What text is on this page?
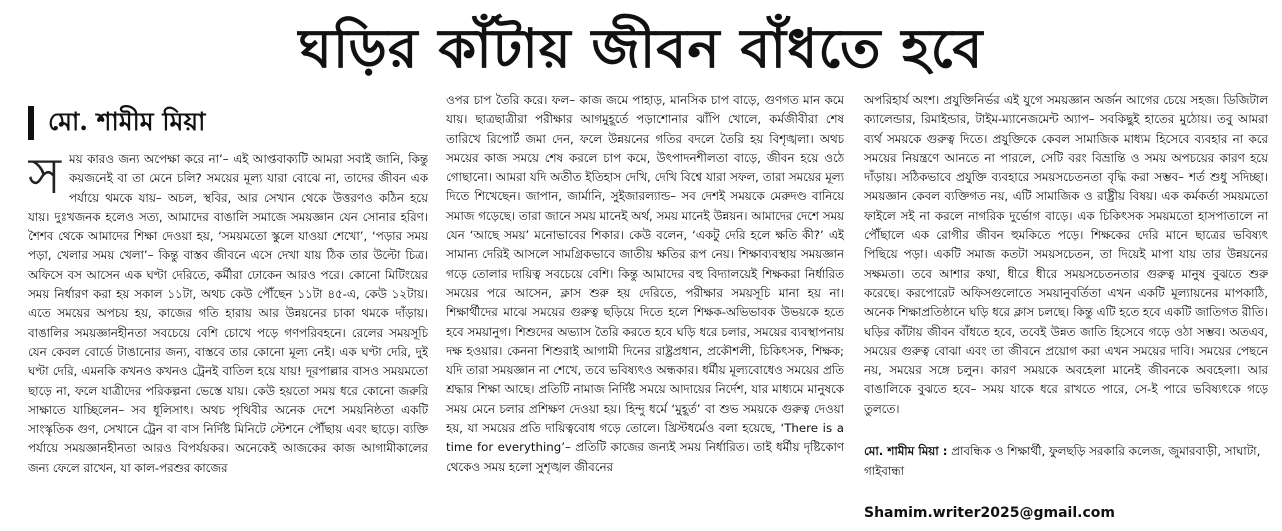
ঘড়ির কাঁটায় জীবন বাঁধতে হবে
মো. শামীম মিয়া
স ময় কারও জন্য অপেক্ষা করে না’– এই আপ্তবাক্যটি আমরা সবাই জানি, কিন্তু কয়জনেই বা তা মেনে চলি? সময়ের মূল্য যারা বোঝে না, তাদের জীবন এক পর্যায়ে থমকে যায়– অচল, স্থবির, আর সেখান থেকে উত্তরণও কঠিন হয়ে যায়। দুঃখজনক হলেও সত্য, আমাদের বাঙালি সমাজে সময়জ্ঞান যেন সোনার হরিণ। শৈশব থেকে আমাদের শিক্ষা দেওয়া হয়, ‘সময়মতো স্কুলে যাওয়া শেখো’, ‘পড়ার সময় পড়া, খেলার সময় খেলা’– কিন্তু বাস্তব জীবনে এসে দেখা যায় ঠিক তার উল্টো চিত্র। অফিসে বস আসেন এক ঘণ্টা দেরিতে, কর্মীরা ঢোকেন আরও পরে। কোনো মিটিংয়ের সময় নির্ধারণ করা হয় সকাল ১১টা, অথচ কেউ পৌঁছেন ১১টা ৪৫-এ, কেউ ১২টায়। এতে সময়ের অপচয় হয়, কাজের গতি হারায় আর উন্নয়নের চাকা থমকে দাঁড়ায়। বাঙালির সময়জ্ঞানহীনতা সবচেয়ে বেশি চোখে পড়ে গণপরিবহনে। রেলের সময়সূচি যেন কেবল বোর্ডে টাঙানোর জন্য, বাস্তবে তার কোনো মূল্য নেই। এক ঘণ্টা দেরি, দুই ঘণ্টা দেরি, এমনকি কখনও কখনও ট্রেনই বাতিল হয়ে যায়! দূরপাল্লার বাসও সময়মতো ছাড়ে না, ফলে যাত্রীদের পরিকল্পনা ভেস্তে যায়। কেউ হয়তো সময় ধরে কোনো জরুরি সাক্ষাতে যাচ্ছিলেন– সব ধূলিসাৎ। অথচ পৃথিবীর অনেক দেশে সময়নিষ্ঠতা একটি সাংস্কৃতিক গুণ, সেখানে ট্রেন বা বাস নির্দিষ্ট মিনিটে স্টেশনে পৌঁছায় এবং ছাড়ে। ব্যক্তি পর্যায়ে সময়জ্ঞানহীনতা আরও বিপর্যয়কর। অনেকেই আজকের কাজ আগামীকালের জন্য ফেলে রাখেন, যা কাল-পরশুর কাজের

ওপর চাপ তৈরি করে। ফল– কাজ জমে পাহাড়, মানসিক চাপ বাড়ে, গুণগত মান কমে যায়। ছাত্রছাত্রীরা পরীক্ষার আগমুহূর্তে পড়াশোনার ঝাঁপি খোলে, কর্মজীবীরা শেষ তারিখে রিপোর্ট জমা দেন, ফলে উন্নয়নের গতির বদলে তৈরি হয় বিশৃঙ্খলা। অথচ সময়ের কাজ সময়ে শেষ করলে চাপ কমে, উৎপাদনশীলতা বাড়ে, জীবন হয়ে ওঠে গোছানো। আমরা যদি অতীত ইতিহাস দেখি, দেখি বিশ্বে যারা সফল, তারা সময়ের মূল্য দিতে শিখেছেন। জাপান, জার্মানি, সুইজারল্যান্ড– সব দেশই সময়কে মেরুদণ্ড বানিয়ে সমাজ গড়েছে। তারা জানে সময় মানেই অর্থ, সময় মানেই উন্নয়ন। আমাদের দেশে সময় যেন ‘আছে সময়’ মনোভাবের শিকার। কেউ বলেন, ‘একটু দেরি হলে ক্ষতি কী?’ এই সামান্য দেরিই আসলে সামগ্রিকভাবে জাতীয় ক্ষতির রূপ নেয়। শিক্ষাব্যবস্থায় সময়জ্ঞান গড়ে তোলার দায়িত্ব সবচেয়ে বেশি। কিন্তু আমাদের বহু বিদ্যালয়েই শিক্ষকরা নির্ধারিত সময়ের পরে আসেন, ক্লাস শুরু হয় দেরিতে, পরীক্ষার সময়সূচি মানা হয় না। শিক্ষার্থীদের মাঝে সময়ের গুরুত্ব ছড়িয়ে দিতে হলে শিক্ষক-অভিভাবক উভয়কে হতে হবে সময়ানুগ। শিশুদের অভ্যাস তৈরি করতে হবে ঘড়ি ধরে চলার, সময়ের ব্যবস্থাপনায় দক্ষ হওয়ার। কেননা শিশুরাই আগামী দিনের রাষ্ট্রপ্রধান, প্রকৌশলী, চিকিৎসক, শিক্ষক; যদি তারা সময়জ্ঞান না শেখে, তবে ভবিষ্যৎও অন্ধকার। ধর্মীয় মূল্যবোধেও সময়ের প্রতি শ্রদ্ধার শিক্ষা আছে। প্রতিটি নামাজ নির্দিষ্ট সময়ে আদায়ের নির্দেশ, যার মাধ্যমে মানুষকে সময় মেনে চলার প্রশিক্ষণ দেওয়া হয়। হিন্দু ধর্মে ‘মুহূর্ত’ বা শুভ সময়কে গুরুত্ব দেওয়া হয়, যা সময়ের প্রতি দায়িত্ববোধ গড়ে তোলে। খ্রিস্টধর্মেও বলা হয়েছে, ‘There is a time for everything’– প্রতিটি কাজের জন্যই সময় নির্ধারিত। তাই ধর্মীয় দৃষ্টিকোণ থেকেও সময় হলো সুশৃঙ্খল জীবনের

অপরিহার্য অংশ। প্রযুক্তিনির্ভর এই যুগে সময়জ্ঞান অর্জন আগের চেয়ে সহজ। ডিজিটাল ক্যালেন্ডার, রিমাইন্ডার, টাইম-ম্যানেজমেন্ট অ্যাপ– সবকিছুই হাতের মুঠোয়। তবু আমরা ব্যর্থ সময়কে গুরুত্ব দিতে। প্রযুক্তিকে কেবল সামাজিক মাধ্যম হিসেবে ব্যবহার না করে সময়ের নিয়ন্ত্রণে আনতে না পারলে, সেটি বরং বিভ্রান্তি ও সময় অপচয়ের কারণ হয়ে দাঁড়ায়। সঠিকভাবে প্রযুক্তি ব্যবহারে সময়সচেতনতা বৃদ্ধি করা সম্ভব– শর্ত শুধু সদিচ্ছা। সময়জ্ঞান কেবল ব্যক্তিগত নয়, এটি সামাজিক ও রাষ্ট্রীয় বিষয়। এক কর্মকর্তা সময়মতো ফাইলে সই না করলে নাগরিক দুর্ভোগ বাড়ে। এক চিকিৎসক সময়মতো হাসপাতালে না পৌঁছালে এক রোগীর জীবন হুমকিতে পড়ে। শিক্ষকের দেরি মানে ছাত্রের ভবিষ্যৎ পিছিয়ে পড়া। একটি সমাজ কতটা সময়সচেতন, তা দিয়েই মাপা যায় তার উন্নয়নের সক্ষমতা। তবে আশার কথা, ধীরে ধীরে সময়সচেতনতার গুরুত্ব মানুষ বুঝতে শুরু করেছে। করপোরেট অফিসগুলোতে সময়ানুবর্তিতা এখন একটি মূল্যায়নের মাপকাঠি, অনেক শিক্ষাপ্রতিষ্ঠানে ঘড়ি ধরে ক্লাস চলছে। কিন্তু এটি হতে হবে একটি জাতিগত রীতি। ঘড়ির কাঁটায় জীবন বাঁধতে হবে, তবেই উন্নত জাতি হিসেবে গড়ে ওঠা সম্ভব। অতএব, সময়ের গুরুত্ব বোঝা এবং তা জীবনে প্রয়োগ করা এখন সময়ের দাবি। সময়ের পেছনে নয়, সময়ের সঙ্গে চলুন। কারণ সময়কে অবহেলা মানেই জীবনকে অবহেলা। আর বাঙালিকে বুঝতে হবে– সময় যাকে ধরে রাখতে পারে, সে-ই পারে ভবিষ্যৎকে গড়ে তুলতে।

মো. শামীম মিয়া : প্রাবন্ধিক ও শিক্ষার্থী, ফুলছড়ি সরকারি কলেজ, জুমারবাড়ী, সাঘাটা, গাইবান্ধা
Shamim.writer2025@gmail.com
